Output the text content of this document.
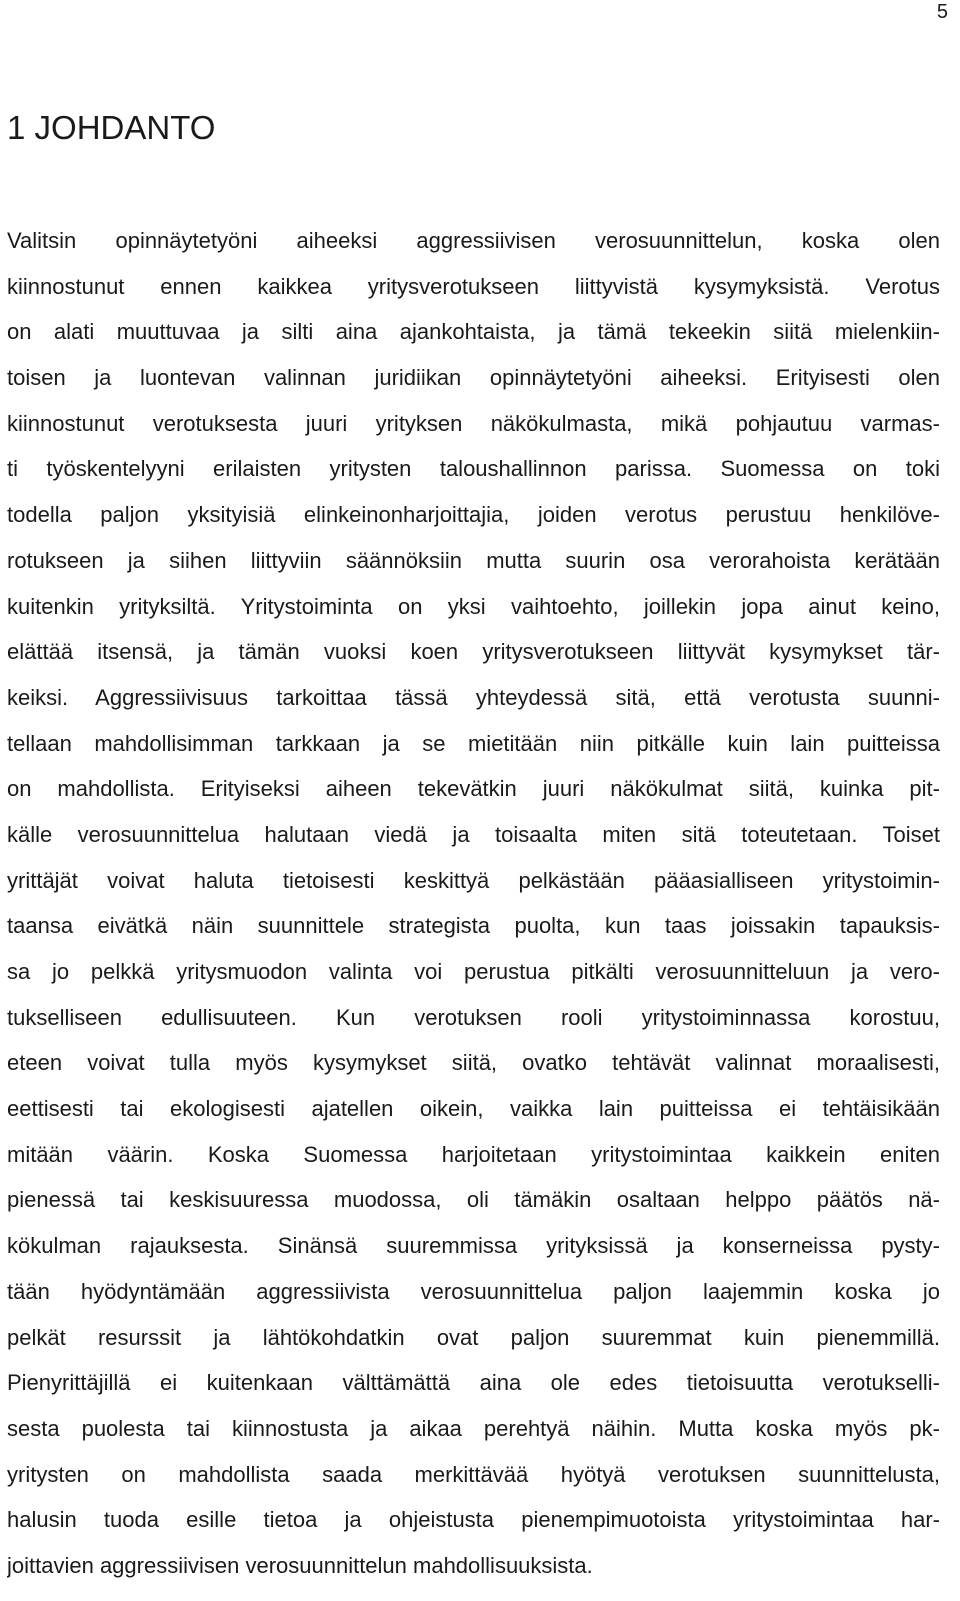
5
1 JOHDANTO
Valitsin opinnäytetyöni aiheeksi aggressiivisen verosuunnittelun, koska olen
kiinnostunut ennen kaikkea yritysverotukseen liittyvistä kysymyksistä. Verotus
on alati muuttuvaa ja silti aina ajankohtaista, ja tämä tekeekin siitä mielenkiin-
toisen ja luontevan valinnan juridiikan opinnäytetyöni aiheeksi. Erityisesti olen
kiinnostunut verotuksesta juuri yrityksen näkökulmasta, mikä pohjautuu varmas-
ti työskentelyyni erilaisten yritysten taloushallinnon parissa. Suomessa on toki
todella paljon yksityisiä elinkeinonharjoittajia, joiden verotus perustuu henkilöve-
rotukseen ja siihen liittyviin säännöksiin mutta suurin osa verorahoista kerätään
kuitenkin yrityksiltä. Yritystoiminta on yksi vaihtoehto, joillekin jopa ainut keino,
elättää itsensä, ja tämän vuoksi koen yritysverotukseen liittyvät kysymykset tär-
keiksi. Aggressiivisuus tarkoittaa tässä yhteydessä sitä, että verotusta suunni-
tellaan mahdollisimman tarkkaan ja se mietitään niin pitkälle kuin lain puitteissa
on mahdollista. Erityiseksi aiheen tekevätkin juuri näkökulmat siitä, kuinka pit-
källe verosuunnittelua halutaan viedä ja toisaalta miten sitä toteutetaan. Toiset
yrittäjät voivat haluta tietoisesti keskittyä pelkästään pääasialliseen yritystoimin-
taansa eivätkä näin suunnittele strategista puolta, kun taas joissakin tapauksis-
sa jo pelkkä yritysmuodon valinta voi perustua pitkälti verosuunnitteluun ja vero-
tukselliseen edullisuuteen. Kun verotuksen rooli yritystoiminnassa korostuu,
eteen voivat tulla myös kysymykset siitä, ovatko tehtävät valinnat moraalisesti,
eettisesti tai ekologisesti ajatellen oikein, vaikka lain puitteissa ei tehtäisikään
mitään väärin. Koska Suomessa harjoitetaan yritystoimintaa kaikkein eniten
pienessä tai keskisuuressa muodossa, oli tämäkin osaltaan helppo päätös nä-
kökulman rajauksesta. Sinänsä suuremmissa yrityksissä ja konserneissa pysty-
tään hyödyntämään aggressiivista verosuunnittelua paljon laajemmin koska jo
pelkät resurssit ja lähtökohdatkin ovat paljon suuremmat kuin pienemmillä.
Pienyrittäjillä ei kuitenkaan välttämättä aina ole edes tietoisuutta verotukselli-
sesta puolesta tai kiinnostusta ja aikaa perehtyä näihin. Mutta koska myös pk-
yritysten on mahdollista saada merkittävää hyötyä verotuksen suunnittelusta,
halusin tuoda esille tietoa ja ohjeistusta pienempimuotoista yritystoimintaa har-
joittavien aggressiivisen verosuunnittelun mahdollisuuksista.
